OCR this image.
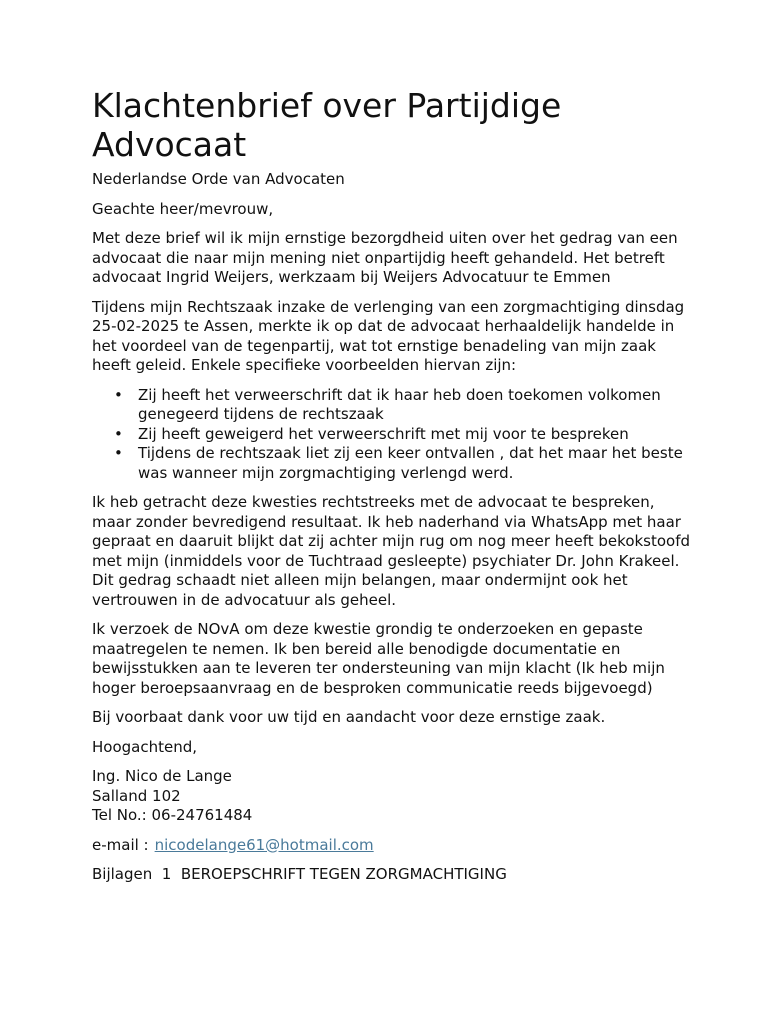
Klachtenbrief over Partijdige Advocaat

Nederlandse Orde van Advocaten

Geachte heer/mevrouw,

Met deze brief wil ik mijn ernstige bezorgdheid uiten over het gedrag van een advocaat die naar mijn mening niet onpartijdig heeft gehandeld. Het betreft advocaat Ingrid Weijers, werkzaam bij Weijers Advocatuur te Emmen

Tijdens mijn Rechtszaak inzake de verlenging van een zorgmachtiging dinsdag 25-02-2025 te Assen, merkte ik op dat de advocaat herhaaldelijk handelde in het voordeel van de tegenpartij, wat tot ernstige benadeling van mijn zaak heeft geleid. Enkele specifieke voorbeelden hiervan zijn:

• Zij heeft het verweerschrift dat ik haar heb doen toekomen volkomen genegeerd tijdens de rechtszaak
• Zij heeft geweigerd het verweerschrift met mij voor te bespreken
• Tijdens de rechtszaak liet zij een keer ontvallen , dat het maar het beste was wanneer mijn zorgmachtiging verlengd werd.

Ik heb getracht deze kwesties rechtstreeks met de advocaat te bespreken, maar zonder bevredigend resultaat. Ik heb naderhand via WhatsApp met haar gepraat en daaruit blijkt dat zij achter mijn rug om nog meer heeft bekokstoofd met mijn (inmiddels voor de Tuchtraad gesleepte) psychiater Dr. John Krakeel. Dit gedrag schaadt niet alleen mijn belangen, maar ondermijnt ook het vertrouwen in de advocatuur als geheel.

Ik verzoek de NOvA om deze kwestie grondig te onderzoeken en gepaste maatregelen te nemen. Ik ben bereid alle benodigde documentatie en bewijsstukken aan te leveren ter ondersteuning van mijn klacht (Ik heb mijn hoger beroepsaanvraag en de besproken communicatie reeds bijgevoegd)

Bij voorbaat dank voor uw tijd en aandacht voor deze ernstige zaak.

Hoogachtend,

Ing. Nico de Lange
Salland 102
Tel No.: 06-24761484

e-mail : nicodelange61@hotmail.com

Bijlagen  1  BEROEPSCHRIFT TEGEN ZORGMACHTIGING
